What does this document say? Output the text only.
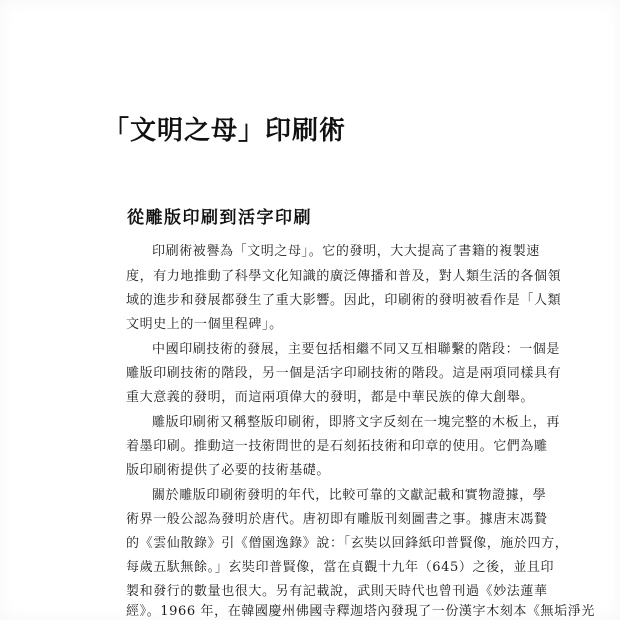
「文明之母」印刷術
從雕版印刷到活字印刷
印刷術被譽為「文明之母」。它的發明，大大提高了書籍的複製速
度，有力地推動了科學文化知識的廣泛傳播和普及，對人類生活的各個領
域的進步和發展都發生了重大影響。因此，印刷術的發明被看作是「人類
文明史上的一個里程碑」。
中國印刷技術的發展，主要包括相繼不同又互相聯繫的階段：一個是
雕版印刷技術的階段，另一個是活字印刷技術的階段。這是兩項同樣具有
重大意義的發明，而這兩項偉大的發明，都是中華民族的偉大創舉。
雕版印刷術又稱整版印刷術，即將文字反刻在一塊完整的木板上，再
着墨印刷。推動這一技術問世的是石刻拓技術和印章的使用。它們為雕
版印刷術提供了必要的技術基礎。
關於雕版印刷術發明的年代，比較可靠的文獻記載和實物證據，學
術界一般公認為發明於唐代。唐初即有雕版刊刻圖書之事。據唐末馮贄
的《雲仙散錄》引《僧園逸錄》說：「玄奘以回鋒紙印普賢像，施於四方，
每歲五馱無餘。」玄奘印普賢像，當在貞觀十九年（645）之後，並且印
製和發行的數量也很大。另有記載說，武則天時代也曾刊過《妙法蓮華
經》。1966 年，在韓國慶州佛國寺釋迦塔內發現了一份漢字木刻本《無垢淨光
